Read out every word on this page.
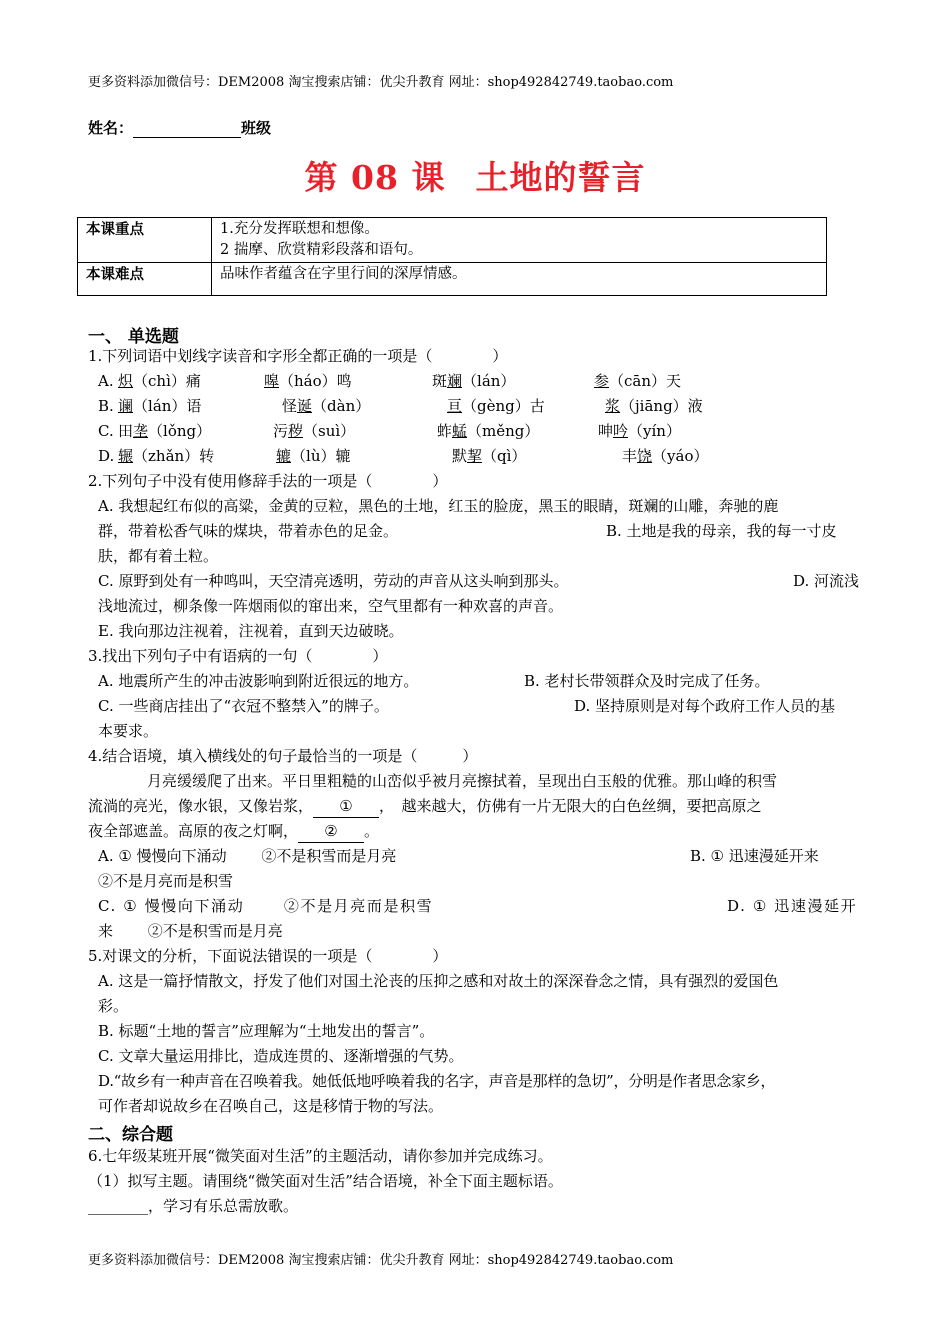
更多资料添加微信号：DEM2008 淘宝搜索店铺：优尖升教育 网址：shop492842749.taobao.com
姓名：	班级
第 08 课 土地的誓言
本课重点	1.充分发挥联想和想像。
2 揣摩、欣赏精彩段落和语句。

本课难点	品味作者蕴含在字里行间的深厚情感。
一、 单选题
1.下列词语中划线字读音和字形全都正确的一项是（　　　　）
A. 炽（chì）痛	嗥（háo）鸣	斑斓（lán）	参（cān）天
B. 谰（lán）语	怪诞（dàn）	亘（gèng）古	浆（jiāng）液
C. 田垄（lǒng）	污秽（suì）	蚱蜢（měng）	呻吟（yín）
D. 辗（zhǎn）转	辘（lù）辘	默挈（qì）	丰饶（yáo）
2.下列句子中没有使用修辞手法的一项是（　　　　）
A. 我想起红布似的高粱，金黄的豆粒，黑色的土地，红玉的脸庞，黑玉的眼睛，斑斓的山雕，奔驰的鹿
群，带着松香气味的煤块，带着赤色的足金。	B. 土地是我的母亲，我的每一寸皮
肤，都有着土粒。
C. 原野到处有一种鸣叫，天空清亮透明，劳动的声音从这头响到那头。	D. 河流浅
浅地流过，柳条像一阵烟雨似的窜出来，空气里都有一种欢喜的声音。
E. 我向那边注视着，注视着，直到天边破晓。
3.找出下列句子中有语病的一句（　　　　）
A. 地震所产生的冲击波影响到附近很远的地方。	B. 老村长带领群众及时完成了任务。
C. 一些商店挂出了“衣冠不整禁入”的牌子。	D. 坚持原则是对每个政府工作人员的基
本要求。
4.结合语境，填入横线处的句子最恰当的一项是（　　　）
月亮缓缓爬了出来。平日里粗糙的山峦似乎被月亮擦拭着，呈现出白玉般的优雅。那山峰的积雪
流淌的亮光，像水银，又像岩浆， ① ，　越来越大，仿佛有一片无限大的白色丝绸，要把高原之
夜全部遮盖。高原的夜之灯啊， ② 。
A. ① 慢慢向下涌动　　 ②不是积雪而是月亮	B. ① 迅速漫延开来
②不是月亮而是积雪
C. ① 慢慢向下涌动　　 ②不是月亮而是积雪	D. ① 迅速漫延开
来　　 ②不是积雪而是月亮
5.对课文的分析，下面说法错误的一项是（　　　　）
A. 这是一篇抒情散文，抒发了他们对国土沦丧的压抑之感和对故土的深深眷念之情，具有强烈的爱国色
彩。
B. 标题“土地的誓言”应理解为“土地发出的誓言”。
C. 文章大量运用排比，造成连贯的、逐渐增强的气势。
D.“故乡有一种声音在召唤着我。她低低地呼唤着我的名字，声音是那样的急切”，分明是作者思念家乡，
可作者却说故乡在召唤自己，这是移情于物的写法。
二、综合题
6.七年级某班开展“微笑面对生活”的主题活动，请你参加并完成练习。
（1）拟写主题。请围绕“微笑面对生活”结合语境，补全下面主题标语。
________，学习有乐总需放歌。
更多资料添加微信号：DEM2008 淘宝搜索店铺：优尖升教育 网址：shop492842749.taobao.com
